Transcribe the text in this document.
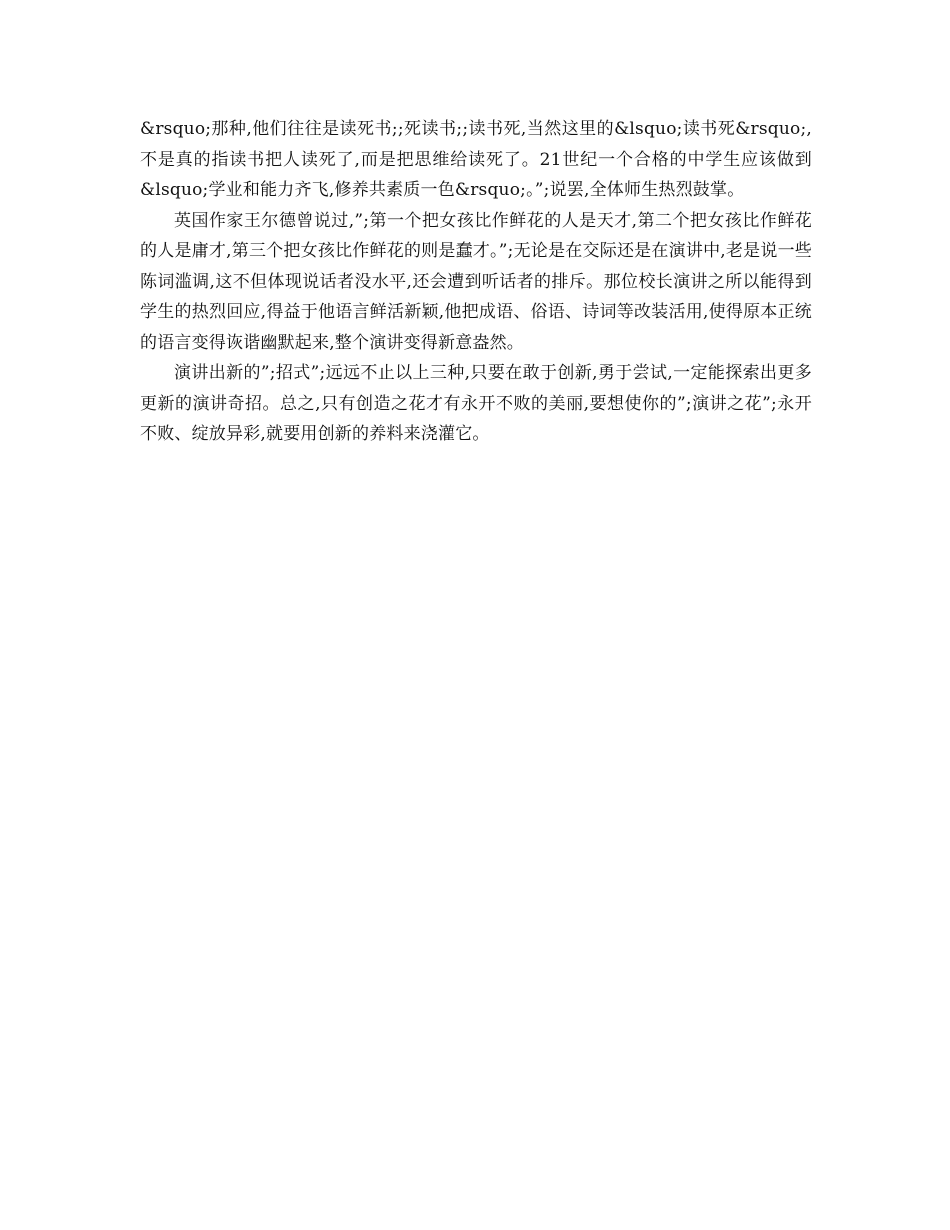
&rsquo;那种,他们往往是读死书;;死读书;;读书死,当然这里的&lsquo;读书死&rsquo;,不是真的指读书把人读死了,而是把思维给读死了。21世纪一个合格的中学生应该做到&lsquo;学业和能力齐飞,修养共素质一色&rsquo;。”;说罢,全体师生热烈鼓掌。

英国作家王尔德曾说过,”;第一个把女孩比作鲜花的人是天才,第二个把女孩比作鲜花的人是庸才,第三个把女孩比作鲜花的则是蠢才。”;无论是在交际还是在演讲中,老是说一些陈词滥调,这不但体现说话者没水平,还会遭到听话者的排斥。那位校长演讲之所以能得到学生的热烈回应,得益于他语言鲜活新颖,他把成语、俗语、诗词等改装活用,使得原本正统的语言变得诙谐幽默起来,整个演讲变得新意盎然。

演讲出新的”;招式”;远远不止以上三种,只要在敢于创新,勇于尝试,一定能探索出更多更新的演讲奇招。总之,只有创造之花才有永开不败的美丽,要想使你的”;演讲之花”;永开不败、绽放异彩,就要用创新的养料来浇灌它。
